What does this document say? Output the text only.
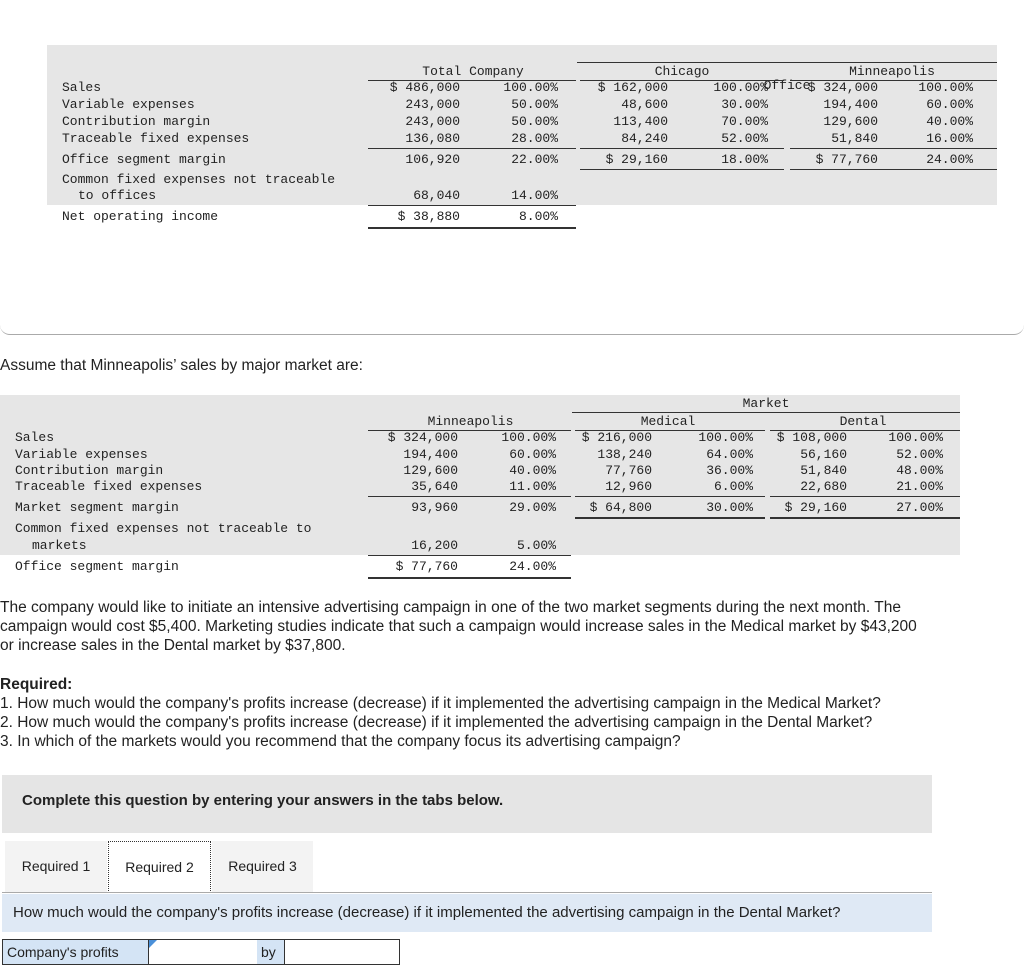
Office

Total Company	Chicago	Minneapolis
Sales	$ 486,000	100.00%	$ 162,000	100.00%	$ 324,000	100.00%
Variable expenses	243,000	50.00%	48,600	30.00%	194,400	60.00%
Contribution margin	243,000	50.00%	113,400	70.00%	129,600	40.00%
Traceable fixed expenses	136,080	28.00%	84,240	52.00%	51,840	16.00%
Office segment margin	106,920	22.00%	$ 29,160	18.00%	$ 77,760	24.00%
Common fixed expenses not traceable
to offices	68,040	14.00%
Net operating income	$ 38,880	8.00%
Assume that Minneapolis’ sales by major market are:
Market
Minneapolis	Medical	Dental
Sales	$ 324,000	100.00%	$ 216,000	100.00%	$ 108,000	100.00%
Variable expenses	194,400	60.00%	138,240	64.00%	56,160	52.00%
Contribution margin	129,600	40.00%	77,760	36.00%	51,840	48.00%
Traceable fixed expenses	35,640	11.00%	12,960	6.00%	22,680	21.00%
Market segment margin	93,960	29.00%	$ 64,800	30.00%	$ 29,160	27.00%
Common fixed expenses not traceable to
markets	16,200	5.00%
Office segment margin	$ 77,760	24.00%
The company would like to initiate an intensive advertising campaign in one of the two market segments during the next month. The
campaign would cost $5,400. Marketing studies indicate that such a campaign would increase sales in the Medical market by $43,200
or increase sales in the Dental market by $37,800.
Required:
1. How much would the company's profits increase (decrease) if it implemented the advertising campaign in the Medical Market?
2. How much would the company's profits increase (decrease) if it implemented the advertising campaign in the Dental Market?
3. In which of the markets would you recommend that the company focus its advertising campaign?
Complete this question by entering your answers in the tabs below.
Required 1	Required 2	Required 3
How much would the company's profits increase (decrease) if it implemented the advertising campaign in the Dental Market?
Company's profits	by
